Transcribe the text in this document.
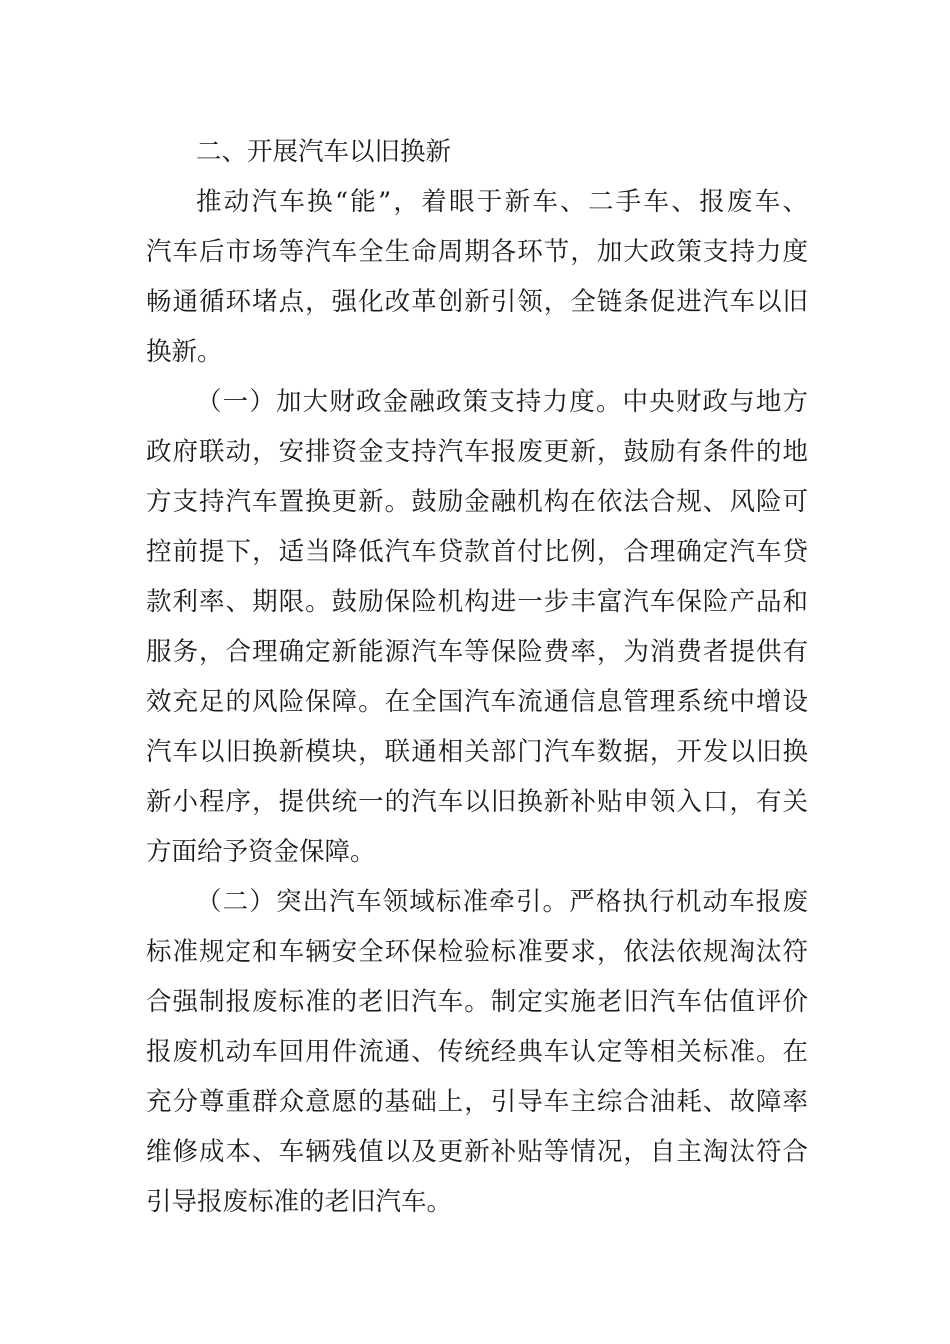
二、开展汽车以旧换新
推动汽车换“能”，着眼于新车、二手车、报废车、
汽车后市场等汽车全生命周期各环节，加大政策支持力度
畅通循环堵点，强化改革创新引领，全链条促进汽车以旧
换新。
（一）加大财政金融政策支持力度。中央财政与地方
政府联动，安排资金支持汽车报废更新，鼓励有条件的地
方支持汽车置换更新。鼓励金融机构在依法合规、风险可
控前提下，适当降低汽车贷款首付比例，合理确定汽车贷
款利率、期限。鼓励保险机构进一步丰富汽车保险产品和
服务，合理确定新能源汽车等保险费率，为消费者提供有
效充足的风险保障。在全国汽车流通信息管理系统中增设
汽车以旧换新模块，联通相关部门汽车数据，开发以旧换
新小程序，提供统一的汽车以旧换新补贴申领入口，有关
方面给予资金保障。
（二）突出汽车领域标准牵引。严格执行机动车报废
标准规定和车辆安全环保检验标准要求，依法依规淘汰符
合强制报废标准的老旧汽车。制定实施老旧汽车估值评价
报废机动车回用件流通、传统经典车认定等相关标准。在
充分尊重群众意愿的基础上，引导车主综合油耗、故障率
维修成本、车辆残值以及更新补贴等情况，自主淘汰符合
引导报废标准的老旧汽车。
